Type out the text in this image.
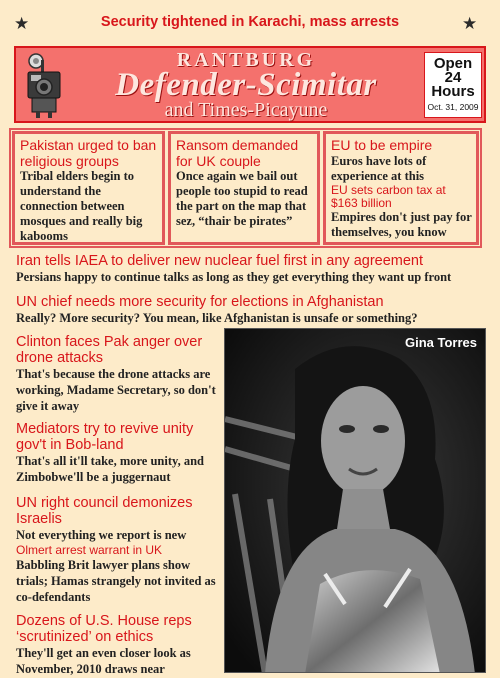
★	Security tightened in Karachi, mass arrests	★
RANTBURG
Defender-Scimitar
and Times-Picayune
Open
24
Hours
Oct. 31, 2009
Pakistan urged to ban religious groups

Tribal elders begin to understand the connection between mosques and really big kabooms

Ransom demanded for UK couple

Once again we bail out people too stupid to read the part on the map that sez, “thair be pirates”

EU to be empire

Euros have lots of experience at this

EU sets carbon tax at $163 billion

Empires don't just pay for themselves, you know

Iran tells IAEA to deliver new nuclear fuel first in any agreement

Persians happy to continue talks as long as they get everything they want up front

UN chief needs more security for elections in Afghanistan

Really? More security? You mean, like Afghanistan is unsafe or something?

Clinton faces Pak anger over drone attacks

That's because the drone attacks are working, Madame Secretary, so don't give it away

Mediators try to revive unity gov't in Bob-land

That's all it'll take, more unity, and Zimbobwe'll be a juggernaut

UN right council demonizes Israelis

Not everything we report is new

Olmert arrest warrant in UK

Babbling Brit lawyer plans show trials; Hamas strangely not invited as co-defendants

Dozens of U.S. House reps ‘scrutinized’ on ethics

They'll get an even closer look as November, 2010 draws near

Gina Torres
